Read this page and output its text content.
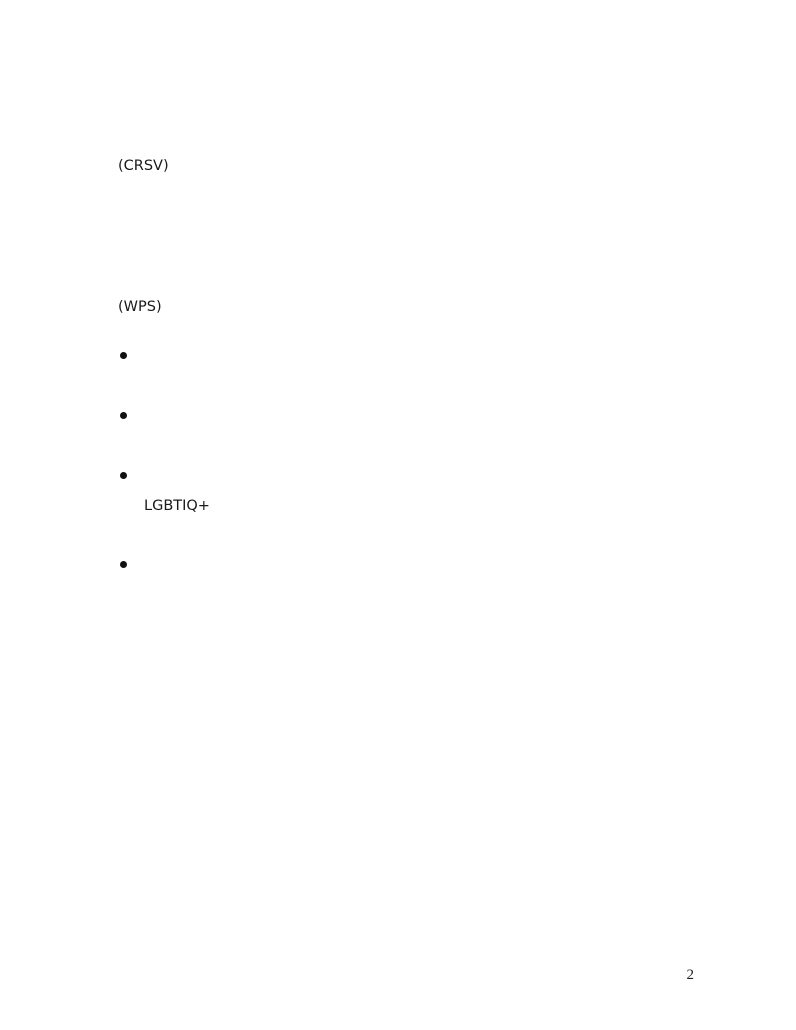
(CRSV)
(WPS)
LGBTIQ+
2
